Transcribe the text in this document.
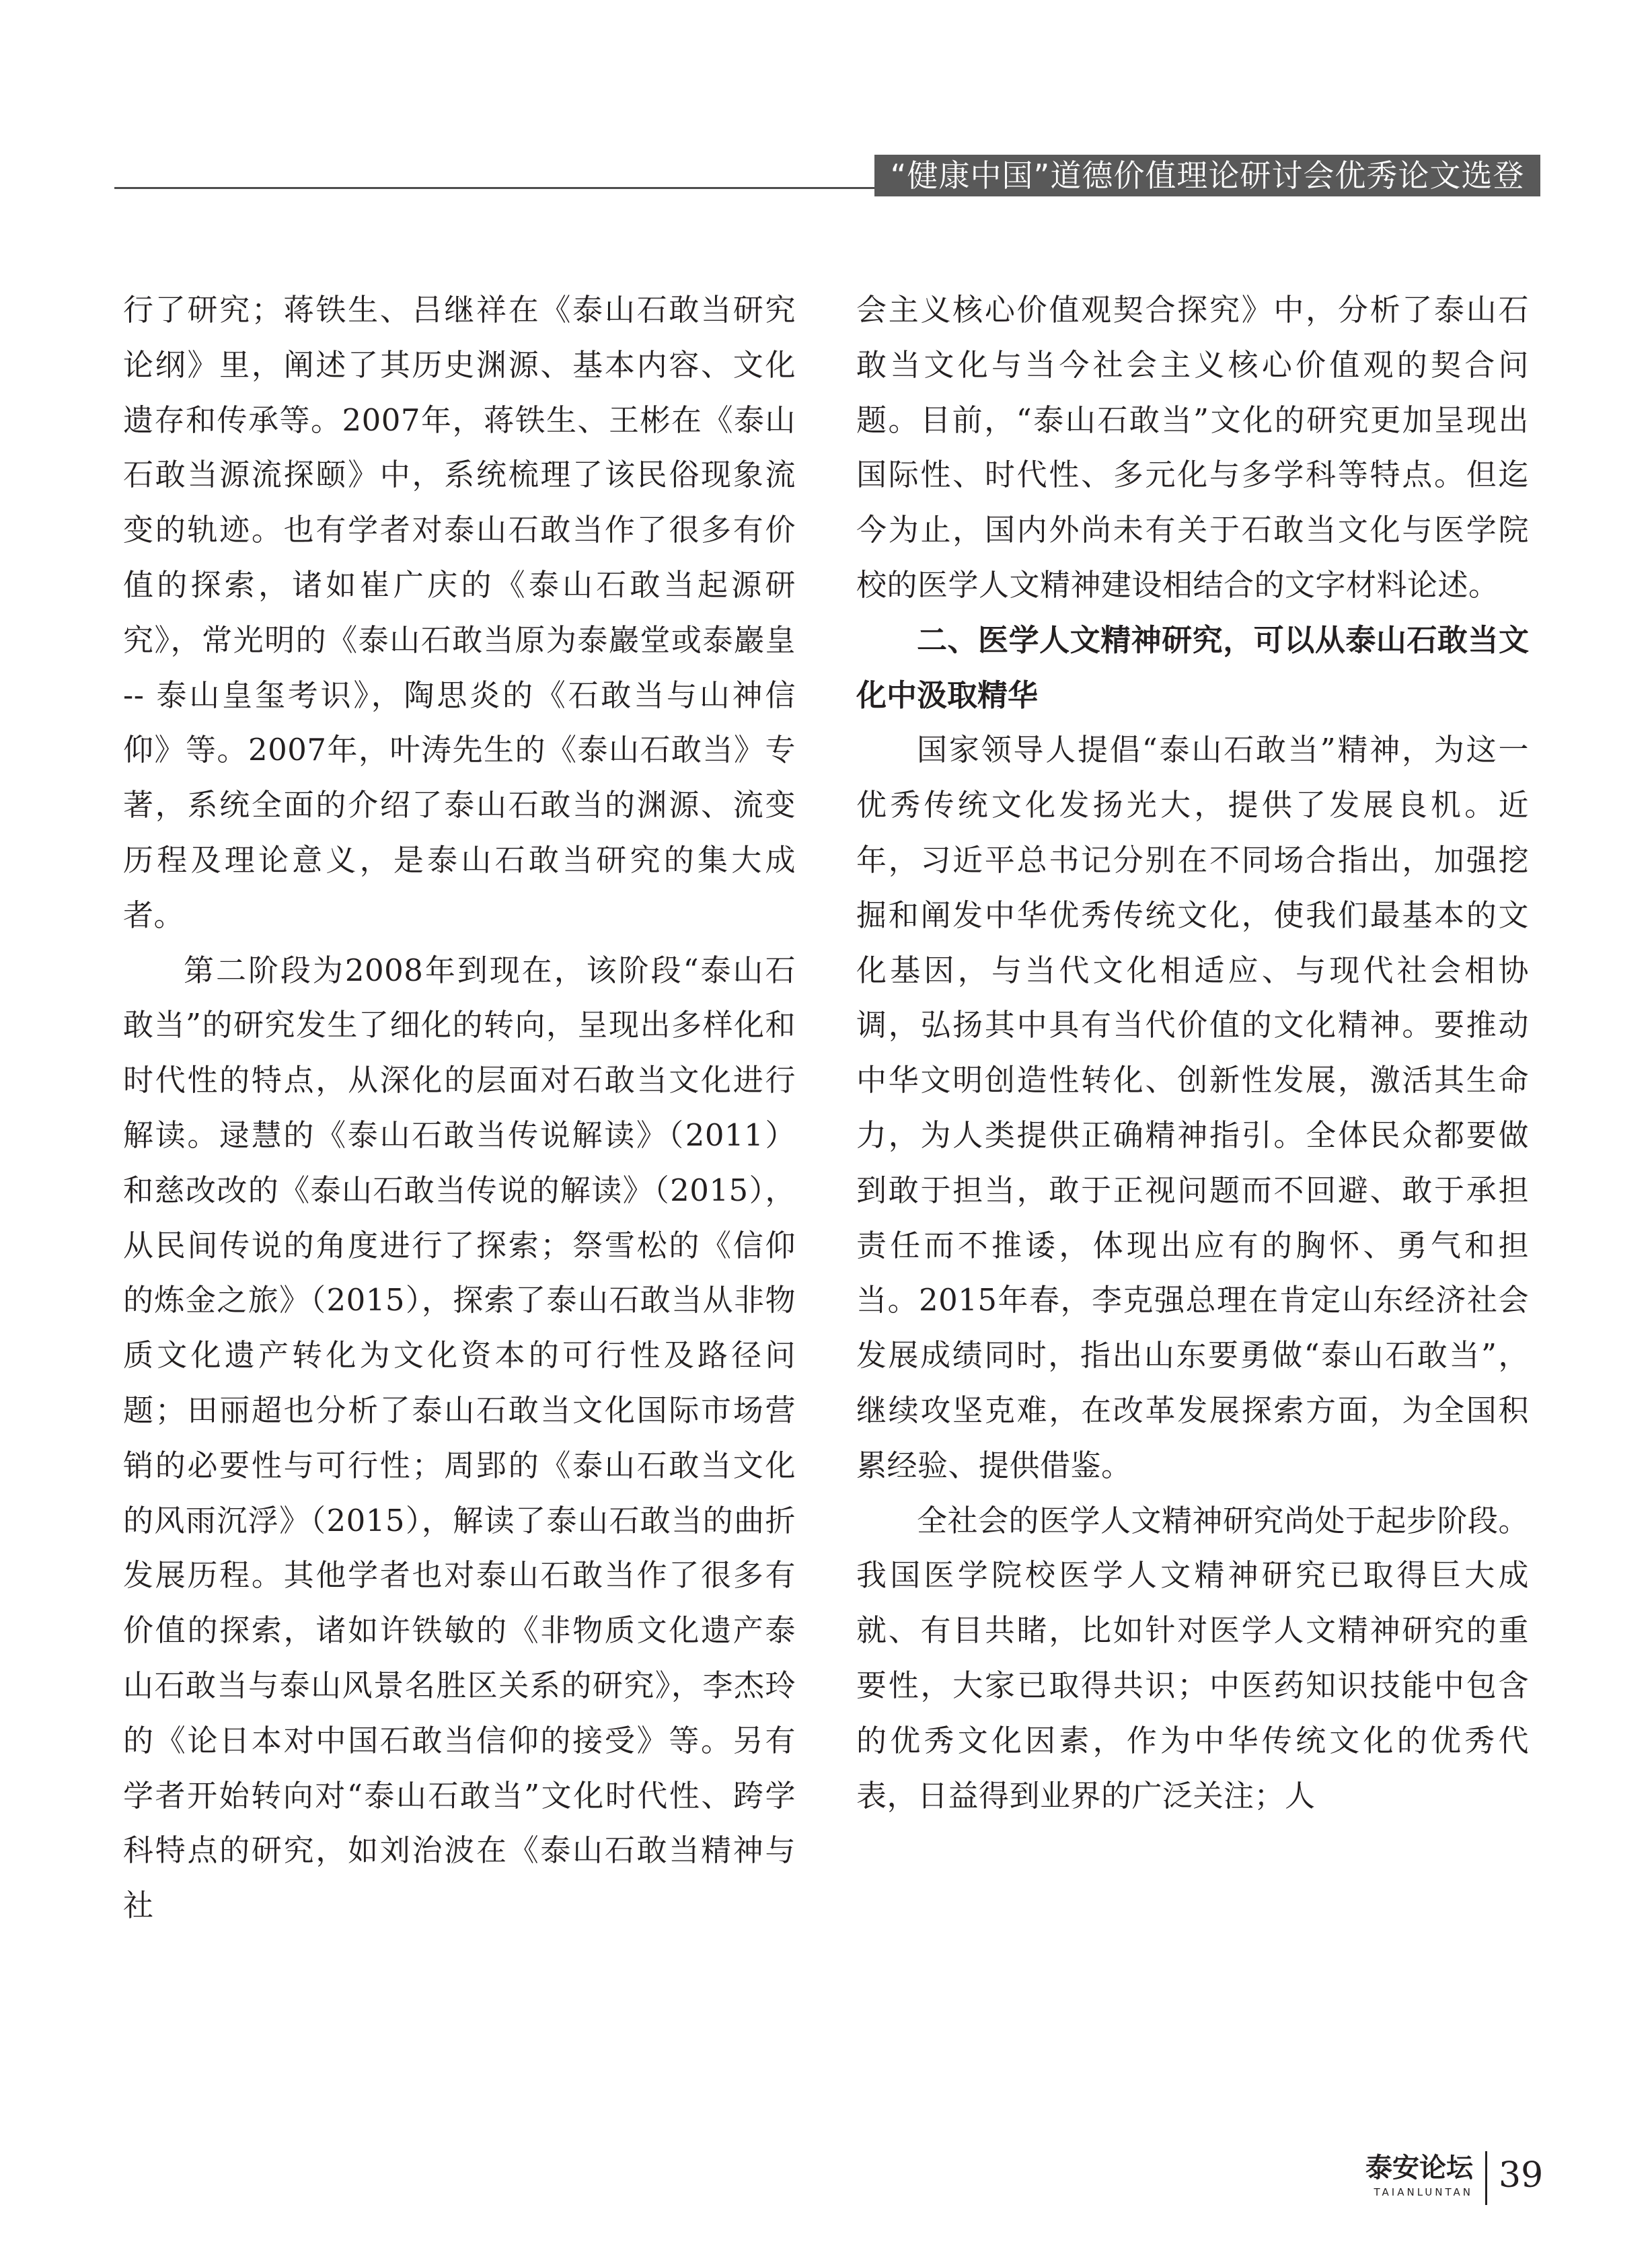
“健康中国”道德价值理论研讨会优秀论文选登

行了研究；蒋铁生、吕继祥在《泰山石敢当研究论纲》里，阐述了其历史渊源、基本内容、文化遗存和传承等。2007年，蒋铁生、王彬在《泰山石敢当源流探颐》中，系统梳理了该民俗现象流变的轨迹。也有学者对泰山石敢当作了很多有价值的探索，诸如崔广庆的《泰山石敢当起源研究》，常光明的《泰山石敢当原为泰巖堂或泰巖皇 -- 泰山皇玺考识》，陶思炎的《石敢当与山神信仰》等。2007年，叶涛先生的《泰山石敢当》专著，系统全面的介绍了泰山石敢当的渊源、流变历程及理论意义，是泰山石敢当研究的集大成者。

第二阶段为2008年到现在，该阶段“泰山石敢当”的研究发生了细化的转向，呈现出多样化和时代性的特点，从深化的层面对石敢当文化进行解读。逯慧的《泰山石敢当传说解读》（2011）和慈改改的《泰山石敢当传说的解读》（2015），从民间传说的角度进行了探索；祭雪松的《信仰的炼金之旅》（2015），探索了泰山石敢当从非物质文化遗产转化为文化资本的可行性及路径问题；田丽超也分析了泰山石敢当文化国际市场营销的必要性与可行性；周郢的《泰山石敢当文化的风雨沉浮》（2015），解读了泰山石敢当的曲折发展历程。其他学者也对泰山石敢当作了很多有价值的探索，诸如许铁敏的《非物质文化遗产泰山石敢当与泰山风景名胜区关系的研究》，李杰玲的《论日本对中国石敢当信仰的接受》等。另有学者开始转向对“泰山石敢当”文化时代性、跨学科特点的研究，如刘治波在《泰山石敢当精神与社

会主义核心价值观契合探究》中，分析了泰山石敢当文化与当今社会主义核心价值观的契合问题。目前，“泰山石敢当”文化的研究更加呈现出国际性、时代性、多元化与多学科等特点。但迄今为止，国内外尚未有关于石敢当文化与医学院校的医学人文精神建设相结合的文字材料论述。

二、医学人文精神研究，可以从泰山石敢当文化中汲取精华

国家领导人提倡“泰山石敢当”精神，为这一优秀传统文化发扬光大，提供了发展良机。近年，习近平总书记分别在不同场合指出，加强挖掘和阐发中华优秀传统文化，使我们最基本的文化基因，与当代文化相适应、与现代社会相协调，弘扬其中具有当代价值的文化精神。要推动中华文明创造性转化、创新性发展，激活其生命力，为人类提供正确精神指引。全体民众都要做到敢于担当，敢于正视问题而不回避、敢于承担责任而不推诿，体现出应有的胸怀、勇气和担当。2015年春，李克强总理在肯定山东经济社会发展成绩同时，指出山东要勇做“泰山石敢当”，继续攻坚克难，在改革发展探索方面，为全国积累经验、提供借鉴。

全社会的医学人文精神研究尚处于起步阶段。我国医学院校医学人文精神研究已取得巨大成就、有目共睹，比如针对医学人文精神研究的重要性，大家已取得共识；中医药知识技能中包含的优秀文化因素，作为中华传统文化的优秀代表，日益得到业界的广泛关注；人

泰安论坛
TAIANLUNTAN 39
